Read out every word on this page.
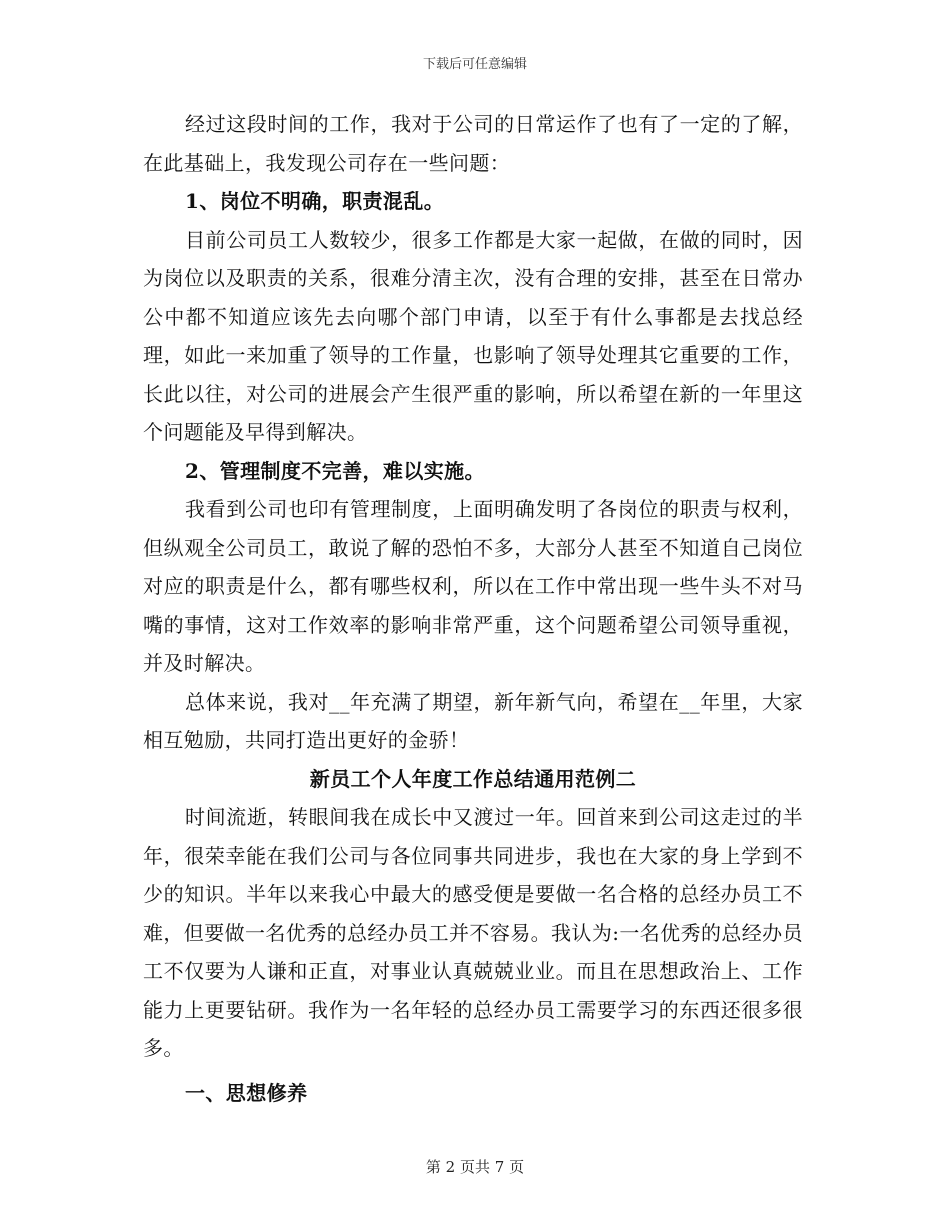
下载后可任意编辑

经过这段时间的工作，我对于公司的日常运作了也有了一定的了解，在此基础上，我发现公司存在一些问题：

1、岗位不明确，职责混乱。

目前公司员工人数较少，很多工作都是大家一起做，在做的同时，因为岗位以及职责的关系，很难分清主次，没有合理的安排，甚至在日常办公中都不知道应该先去向哪个部门申请，以至于有什么事都是去找总经理，如此一来加重了领导的工作量，也影响了领导处理其它重要的工作，长此以往，对公司的进展会产生很严重的影响，所以希望在新的一年里这个问题能及早得到解决。

2、管理制度不完善，难以实施。

我看到公司也印有管理制度，上面明确发明了各岗位的职责与权利，但纵观全公司员工，敢说了解的恐怕不多，大部分人甚至不知道自己岗位对应的职责是什么，都有哪些权利，所以在工作中常出现一些牛头不对马嘴的事情，这对工作效率的影响非常严重，这个问题希望公司领导重视，并及时解决。

总体来说，我对__年充满了期望，新年新气向，希望在__年里，大家相互勉励，共同打造出更好的金骄！

新员工个人年度工作总结通用范例二

时间流逝，转眼间我在成长中又渡过一年。回首来到公司这走过的半年，很荣幸能在我们公司与各位同事共同进步，我也在大家的身上学到不少的知识。半年以来我心中最大的感受便是要做一名合格的总经办员工不难，但要做一名优秀的总经办员工并不容易。我认为:一名优秀的总经办员工不仅要为人谦和正直，对事业认真兢兢业业。而且在思想政治上、工作能力上更要钻研。我作为一名年轻的总经办员工需要学习的东西还很多很多。

一、思想修养

第 2 页共 7 页
